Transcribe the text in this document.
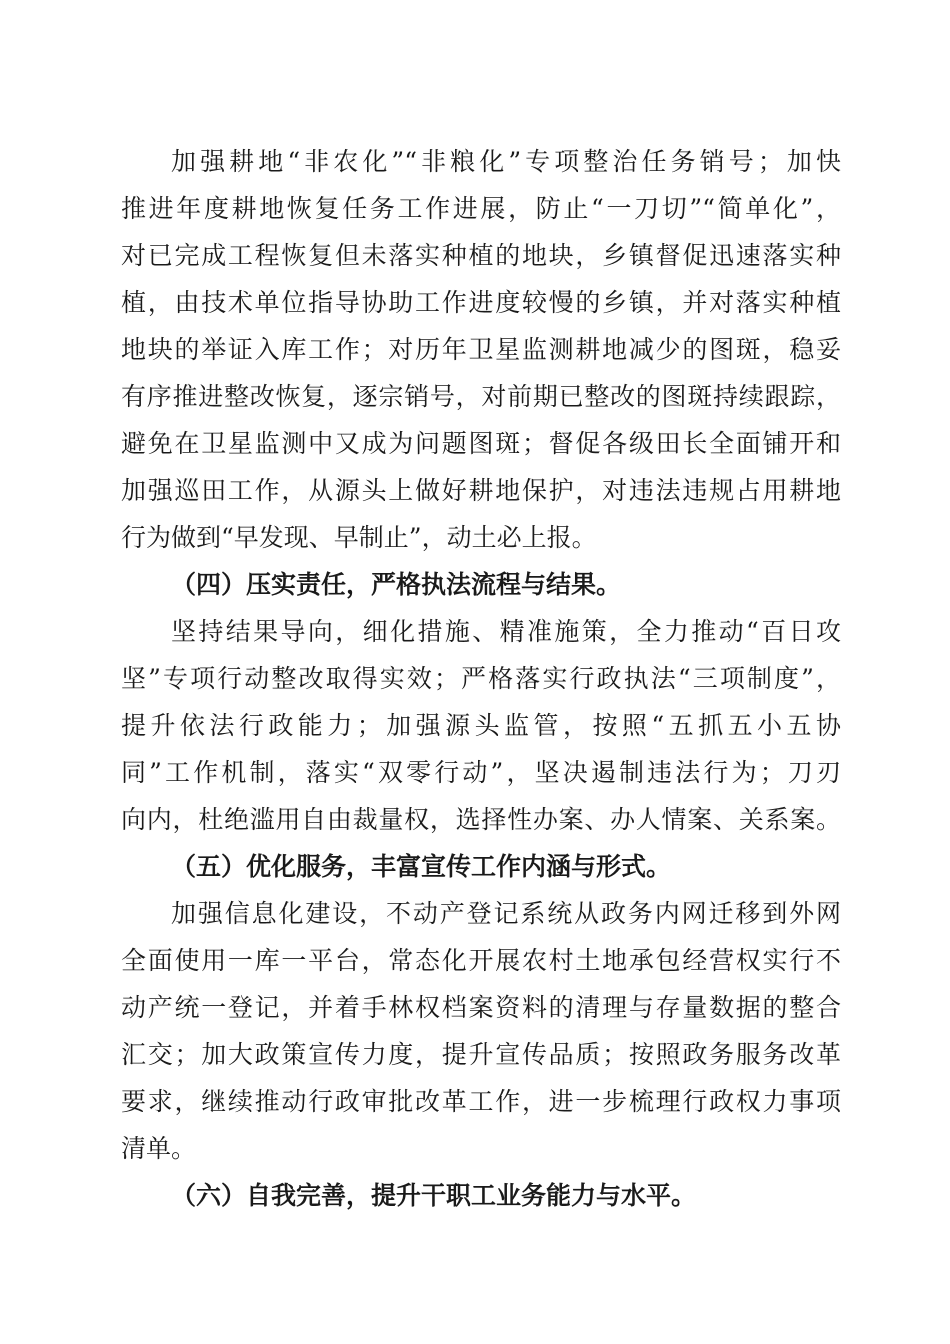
加强耕地“非农化”“非粮化”专项整治任务销号；加快
推进年度耕地恢复任务工作进展，防止“一刀切”“简单化”，
对已完成工程恢复但未落实种植的地块，乡镇督促迅速落实种
植，由技术单位指导协助工作进度较慢的乡镇，并对落实种植
地块的举证入库工作；对历年卫星监测耕地减少的图斑，稳妥
有序推进整改恢复，逐宗销号，对前期已整改的图斑持续跟踪，
避免在卫星监测中又成为问题图斑；督促各级田长全面铺开和
加强巡田工作，从源头上做好耕地保护，对违法违规占用耕地
行为做到“早发现、早制止”，动土必上报。
（四）压实责任，严格执法流程与结果。
坚持结果导向，细化措施、精准施策，全力推动“百日攻
坚”专项行动整改取得实效；严格落实行政执法“三项制度”，
提升依法行政能力；加强源头监管，按照“五抓五小五协
同”工作机制，落实“双零行动”，坚决遏制违法行为；刀刃
向内，杜绝滥用自由裁量权，选择性办案、办人情案、关系案。
（五）优化服务，丰富宣传工作内涵与形式。
加强信息化建设，不动产登记系统从政务内网迁移到外网
全面使用一库一平台，常态化开展农村土地承包经营权实行不
动产统一登记，并着手林权档案资料的清理与存量数据的整合
汇交；加大政策宣传力度，提升宣传品质；按照政务服务改革
要求，继续推动行政审批改革工作，进一步梳理行政权力事项
清单。
（六）自我完善，提升干职工业务能力与水平。
